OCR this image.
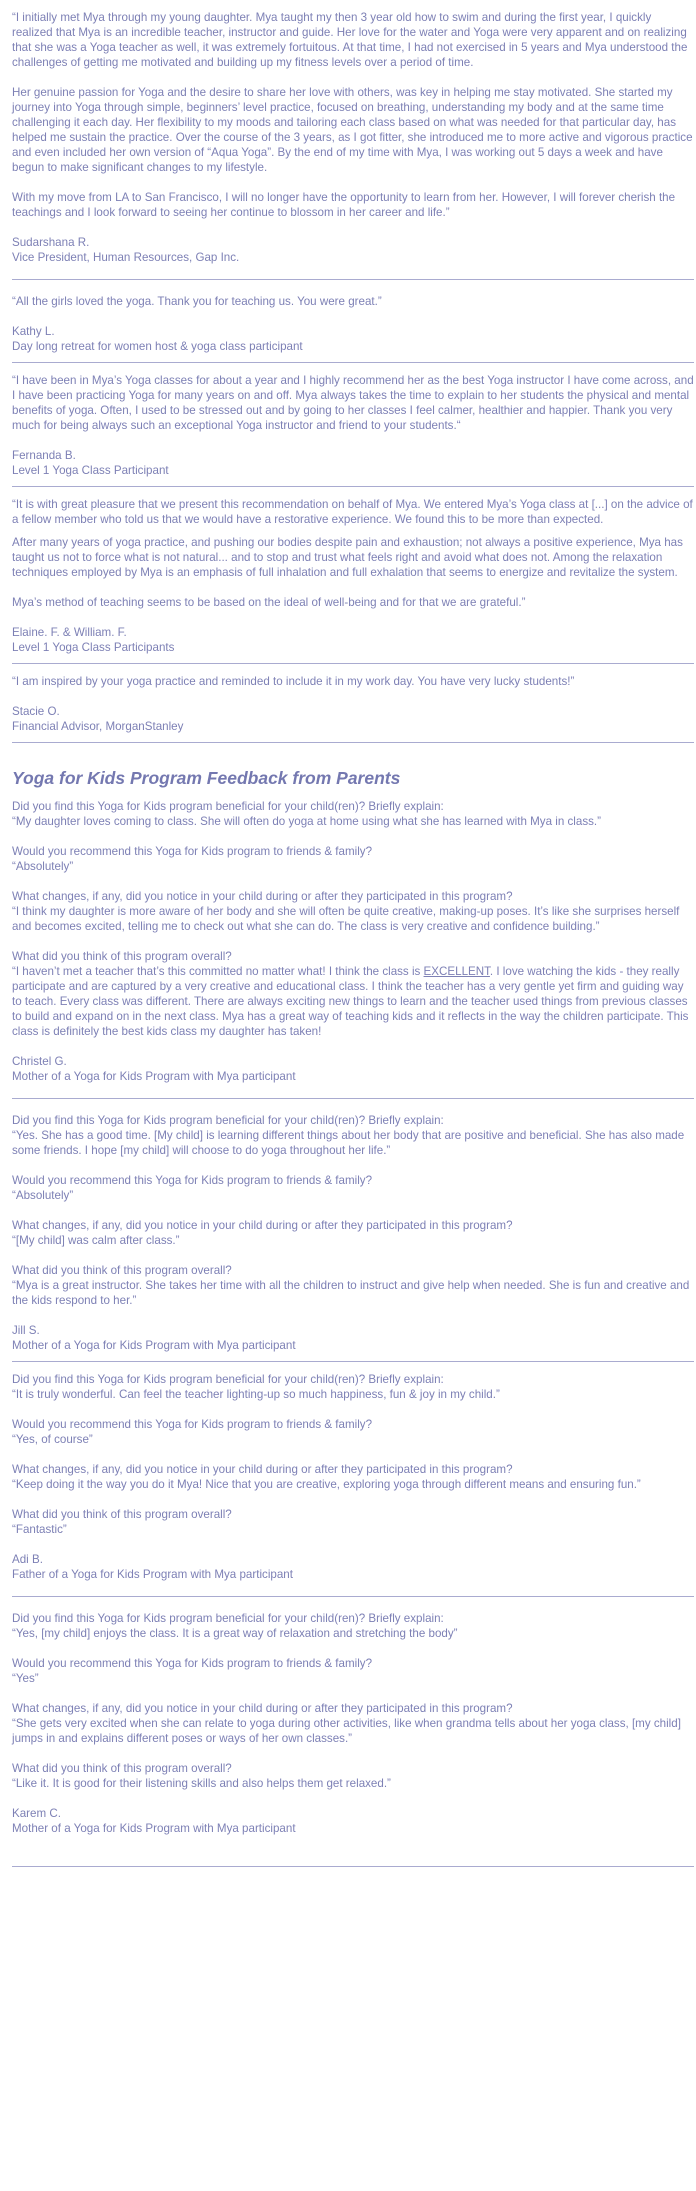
“I initially met Mya through my young daughter. Mya taught my then 3 year old how to swim and during the first year, I quickly realized that Mya is an incredible teacher, instructor and guide. Her love for the water and Yoga were very apparent and on realizing that she was a Yoga teacher as well, it was extremely fortuitous. At that time, I had not exercised in 5 years and Mya understood the challenges of getting me motivated and building up my fitness levels over a period of time.

Her genuine passion for Yoga and the desire to share her love with others, was key in helping me stay motivated. She started my journey into Yoga through simple, beginners’ level practice, focused on breathing, understanding my body and at the same time challenging it each day. Her flexibility to my moods and tailoring each class based on what was needed for that particular day, has helped me sustain the practice. Over the course of the 3 years, as I got fitter, she introduced me to more active and vigorous practice and even included her own version of “Aqua Yoga”. By the end of my time with Mya, I was working out 5 days a week and have begun to make significant changes to my lifestyle.

With my move from LA to San Francisco, I will no longer have the opportunity to learn from her. However, I will forever cherish the teachings and I look forward to seeing her continue to blossom in her career and life.”

Sudarshana R.

Vice President, Human Resources, Gap Inc.

“All the girls loved the yoga. Thank you for teaching us. You were great.”

Kathy L.

Day long retreat for women host & yoga class participant

“I have been in Mya’s Yoga classes for about a year and I highly recommend her as the best Yoga instructor I have come across, and I have been practicing Yoga for many years on and off. Mya always takes the time to explain to her students the physical and mental benefits of yoga. Often, I used to be stressed out and by going to her classes I feel calmer, healthier and happier. Thank you very much for being always such an exceptional Yoga instructor and friend to your students.“

Fernanda B.

Level 1 Yoga Class Participant

“It is with great pleasure that we present this recommendation on behalf of Mya. We entered Mya’s Yoga class at [...] on the advice of a fellow member who told us that we would have a restorative experience. We found this to be more than expected.

After many years of yoga practice, and pushing our bodies despite pain and exhaustion; not always a positive experience, Mya has taught us not to force what is not natural... and to stop and trust what feels right and avoid what does not. Among the relaxation techniques employed by Mya is an emphasis of full inhalation and full exhalation that seems to energize and revitalize the system.

Mya’s method of teaching seems to be based on the ideal of well-being and for that we are grateful.”

Elaine. F. & William. F.

Level 1 Yoga Class Participants

“I am inspired by your yoga practice and reminded to include it in my work day. You have very lucky students!”

Stacie O.

Financial Advisor, MorganStanley

Yoga for Kids Program Feedback from Parents

Did you find this Yoga for Kids program beneficial for your child(ren)? Briefly explain:

“My daughter loves coming to class. She will often do yoga at home using what she has learned with Mya in class.”

Would you recommend this Yoga for Kids program to friends & family?

“Absolutely”

What changes, if any, did you notice in your child during or after they participated in this program?

“I think my daughter is more aware of her body and she will often be quite creative, making-up poses. It’s like she surprises herself and becomes excited, telling me to check out what she can do. The class is very creative and confidence building.”

What did you think of this program overall?

“I haven’t met a teacher that’s this committed no matter what! I think the class is EXCELLENT. I love watching the kids - they really participate and are captured by a very creative and educational class. I think the teacher has a very gentle yet firm and guiding way to teach. Every class was different. There are always exciting new things to learn and the teacher used things from previous classes to build and expand on in the next class. Mya has a great way of teaching kids and it reflects in the way the children participate. This class is definitely the best kids class my daughter has taken!

Christel G.

Mother of a Yoga for Kids Program with Mya participant

Did you find this Yoga for Kids program beneficial for your child(ren)? Briefly explain:

“Yes. She has a good time. [My child] is learning different things about her body that are positive and beneficial. She has also made some friends. I hope [my child] will choose to do yoga throughout her life.”

Would you recommend this Yoga for Kids program to friends & family?

“Absolutely”

What changes, if any, did you notice in your child during or after they participated in this program?

“[My child] was calm after class.”

What did you think of this program overall?

“Mya is a great instructor. She takes her time with all the children to instruct and give help when needed. She is fun and creative and the kids respond to her.”

Jill S.

Mother of a Yoga for Kids Program with Mya participant

Did you find this Yoga for Kids program beneficial for your child(ren)? Briefly explain:

“It is truly wonderful. Can feel the teacher lighting-up so much happiness, fun & joy in my child.”

Would you recommend this Yoga for Kids program to friends & family?

“Yes, of course”

What changes, if any, did you notice in your child during or after they participated in this program?

“Keep doing it the way you do it Mya! Nice that you are creative, exploring yoga through different means and ensuring fun.”

What did you think of this program overall?

“Fantastic”

Adi B.

Father of a Yoga for Kids Program with Mya participant

Did you find this Yoga for Kids program beneficial for your child(ren)? Briefly explain:

“Yes, [my child] enjoys the class. It is a great way of relaxation and stretching the body”

Would you recommend this Yoga for Kids program to friends & family?

“Yes”

What changes, if any, did you notice in your child during or after they participated in this program?

“She gets very excited when she can relate to yoga during other activities, like when grandma tells about her yoga class, [my child] jumps in and explains different poses or ways of her own classes.”

What did you think of this program overall?

“Like it. It is good for their listening skills and also helps them get relaxed.”

Karem C.

Mother of a Yoga for Kids Program with Mya participant
